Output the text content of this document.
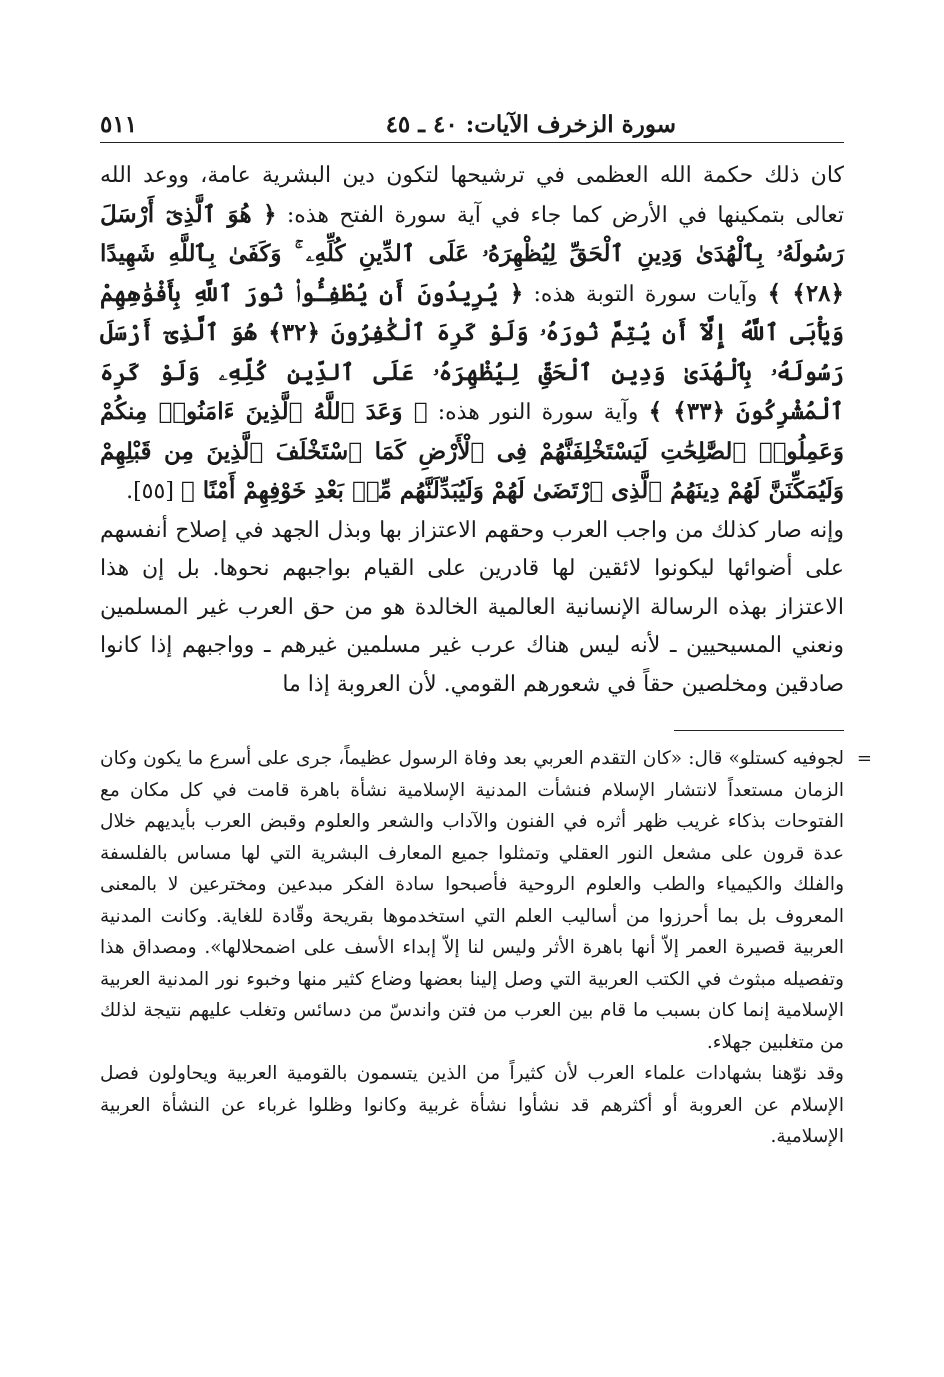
سورة الزخرف الآيات: ٤٠ ـ ٤٥
٥١١

كان ذلك حكمة الله العظمى في ترشيحها لتكون دين البشرية عامة، ووعد الله تعالى بتمكينها في الأرض كما جاء في آية سورة الفتح هذه: ﴿ هُوَ ٱلَّذِىٓ أَرْسَلَ رَسُولَهُۥ بِٱلْهُدَىٰ وَدِينِ ٱلْحَقِّ لِيُظْهِرَهُۥ عَلَى ٱلدِّينِ كُلِّهِۦ ۚ وَكَفَىٰ بِٱللَّهِ شَهِيدًا ﴿٢٨﴾ ﴾ وآيات سورة التوبة هذه: ﴿ يُرِيدُونَ أَن يُطْفِـُٔوا۟ نُورَ ٱللَّهِ بِأَفْوَٰهِهِمْ وَيَأْبَى ٱللَّهُ إِلَّآ أَن يُتِمَّ نُورَهُۥ وَلَوْ كَرِهَ ٱلْكَٰفِرُونَ ﴿٣٢﴾ هُوَ ٱلَّذِىٓ أَرْسَلَ رَسُولَهُۥ بِٱلْهُدَىٰ وَدِينِ ٱلْحَقِّ لِيُظْهِرَهُۥ عَلَى ٱلدِّينِ كُلِّهِۦ وَلَوْ كَرِهَ ٱلْمُشْرِكُونَ ﴿٣٣﴾ ﴾ وآية سورة النور هذه: ﴿ وَعَدَ ٱللَّهُ ٱلَّذِينَ ءَامَنُوا۟ مِنكُمْ وَعَمِلُوا۟ ٱلصَّٰلِحَٰتِ لَيَسْتَخْلِفَنَّهُمْ فِى ٱلْأَرْضِ كَمَا ٱسْتَخْلَفَ ٱلَّذِينَ مِن قَبْلِهِمْ وَلَيُمَكِّنَنَّ لَهُمْ دِينَهُمُ ٱلَّذِى ٱرْتَضَىٰ لَهُمْ وَلَيُبَدِّلَنَّهُم مِّنۢ بَعْدِ خَوْفِهِمْ أَمْنًا ﴾ [٥٥].

وإنه صار كذلك من واجب العرب وحقهم الاعتزاز بها وبذل الجهد في إصلاح أنفسهم على أضوائها ليكونوا لائقين لها قادرين على القيام بواجبهم نحوها. بل إن هذا الاعتزاز بهذه الرسالة الإنسانية العالمية الخالدة هو من حق العرب غير المسلمين ونعني المسيحيين ـ لأنه ليس هناك عرب غير مسلمين غيرهم ـ وواجبهم إذا كانوا صادقين ومخلصين حقاً في شعورهم القومي. لأن العروبة إذا ما

=

لجوفيه كستلو» قال: «كان التقدم العربي بعد وفاة الرسول عظيماً، جرى على أسرع ما يكون وكان الزمان مستعداً لانتشار الإسلام فنشأت المدنية الإسلامية نشأة باهرة قامت في كل مكان مع الفتوحات بذكاء غريب ظهر أثره في الفنون والآداب والشعر والعلوم وقبض العرب بأيديهم خلال عدة قرون على مشعل النور العقلي وتمثلوا جميع المعارف البشرية التي لها مساس بالفلسفة والفلك والكيمياء والطب والعلوم الروحية فأصبحوا سادة الفكر مبدعين ومخترعين لا بالمعنى المعروف بل بما أحرزوا من أساليب العلم التي استخدموها بقريحة وقّادة للغاية. وكانت المدنية العربية قصيرة العمر إلاّ أنها باهرة الأثر وليس لنا إلاّ إبداء الأسف على اضمحلالها». ومصداق هذا وتفصيله مبثوث في الكتب العربية التي وصل إلينا بعضها وضاع كثير منها وخبوء نور المدنية العربية الإسلامية إنما كان بسبب ما قام بين العرب من فتن واندسّ من دسائس وتغلب عليهم نتيجة لذلك من متغلبين جهلاء.

وقد نوّهنا بشهادات علماء العرب لأن كثيراً من الذين يتسمون بالقومية العربية ويحاولون فصل الإسلام عن العروبة أو أكثرهم قد نشأوا نشأة غربية وكانوا وظلوا غرباء عن النشأة العربية الإسلامية.
